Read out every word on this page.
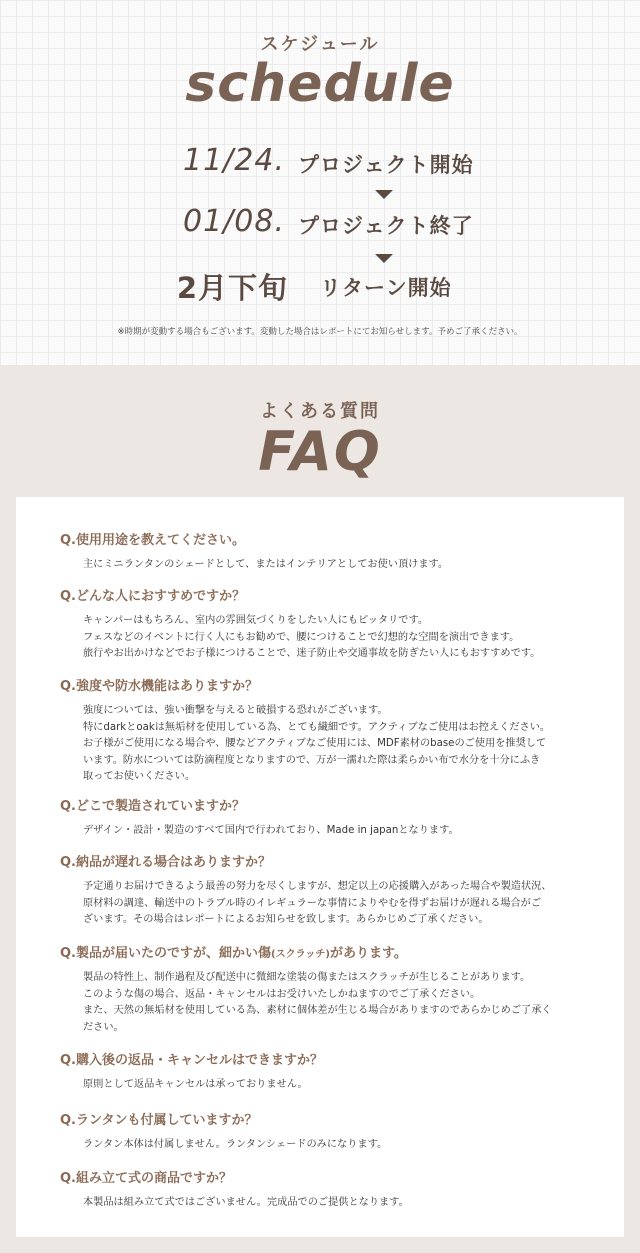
スケジュール
schedule
11/24. プロジェクト開始
01/08. プロジェクト終了
2月下旬 リターン開始
※時期が変動する場合もございます。変動した場合はレポートにてお知らせします。予めご了承ください。
よくある質問
FAQ
Q.使用用途を教えてください。

主にミニランタンのシェードとして、またはインテリアとしてお使い頂けます。

Q.どんな人におすすめですか？

キャンパーはもちろん、室内の雰囲気づくりをしたい人にもピッタリです。
フェスなどのイベントに行く人にもお勧めで、腰につけることで幻想的な空間を演出できます。
旅行やお出かけなどでお子様につけることで、迷子防止や交通事故を防ぎたい人にもおすすめです。

Q.強度や防水機能はありますか？

強度については、強い衝撃を与えると破損する恐れがございます。
特にdarkとoakは無垢材を使用している為、とても繊細です。アクティブなご使用はお控えください。
お子様がご使用になる場合や、腰などアクティブなご使用には、MDF素材のbaseのご使用を推奨して
います。防水については防滴程度となりますので、万が一濡れた際は柔らかい布で水分を十分にふき
取ってお使いください。

Q.どこで製造されていますか？

デザイン・設計・製造のすべて国内で行われており、Made in japanとなります。

Q.納品が遅れる場合はありますか？

予定通りお届けできるよう最善の努力を尽くしますが、想定以上の応援購入があった場合や製造状況、
原材料の調達、輸送中のトラブル時のイレギュラーな事情によりやむを得ずお届けが遅れる場合がご
ざいます。その場合はレポートによるお知らせを致します。あらかじめご了承ください。

Q.製品が届いたのですが、細かい傷(スクラッチ)があります。

製品の特性上、制作過程及び配送中に微細な塗装の傷またはスクラッチが生じることがあります。
このような傷の場合、返品・キャンセルはお受けいたしかねますのでご了承ください。
また、天然の無垢材を使用している為、素材に個体差が生じる場合がありますのであらかじめご了承く
ださい。

Q.購入後の返品・キャンセルはできますか？

原則として返品キャンセルは承っておりません。

Q.ランタンも付属していますか？

ランタン本体は付属しません。ランタンシェードのみになります。

Q.組み立て式の商品ですか？

本製品は組み立て式ではございません。完成品でのご提供となります。
